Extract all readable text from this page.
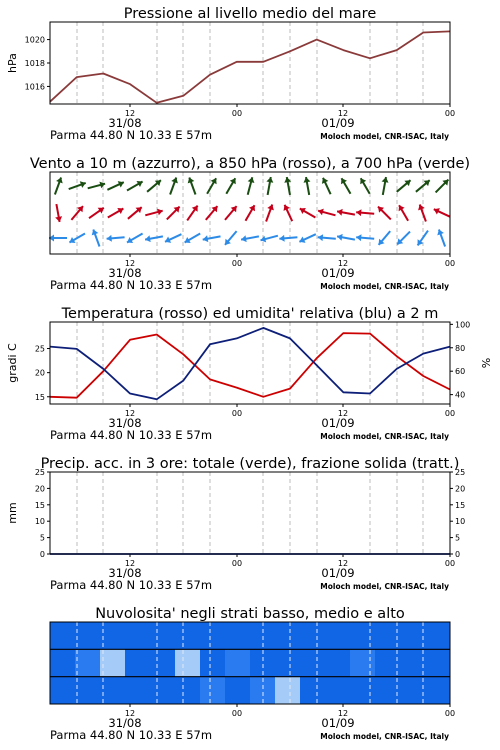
Pressione al livello medio del mare
hPa
12	00	12	00
31/08	01/09
Parma 44.80 N 10.33 E 57m	Moloch model, CNR-ISAC, Italy
1016
1018
1020
Vento a 10 m (azzurro), a 850 hPa (rosso), a 700 hPa (verde)
12	00	12	00
31/08	01/09
Parma 44.80 N 10.33 E 57m	Moloch model, CNR-ISAC, Italy
Temperatura (rosso) ed umidita' relativa (blu) a 2 m
gradi C	%
12	00	12	00
31/08	01/09
Parma 44.80 N 10.33 E 57m	Moloch model, CNR-ISAC, Italy
15
20
25
40
60
80
100
Precip. acc. in 3 ore: totale (verde), frazione solida (tratt.)
mm
12	00	12	00
31/08	01/09
Parma 44.80 N 10.33 E 57m	Moloch model, CNR-ISAC, Italy
0	0
5	5
10	10
15	15
20	20
25	25
Nuvolosita' negli strati basso, medio e alto
12	00	12	00
31/08	01/09
Parma 44.80 N 10.33 E 57m	Moloch model, CNR-ISAC, Italy
